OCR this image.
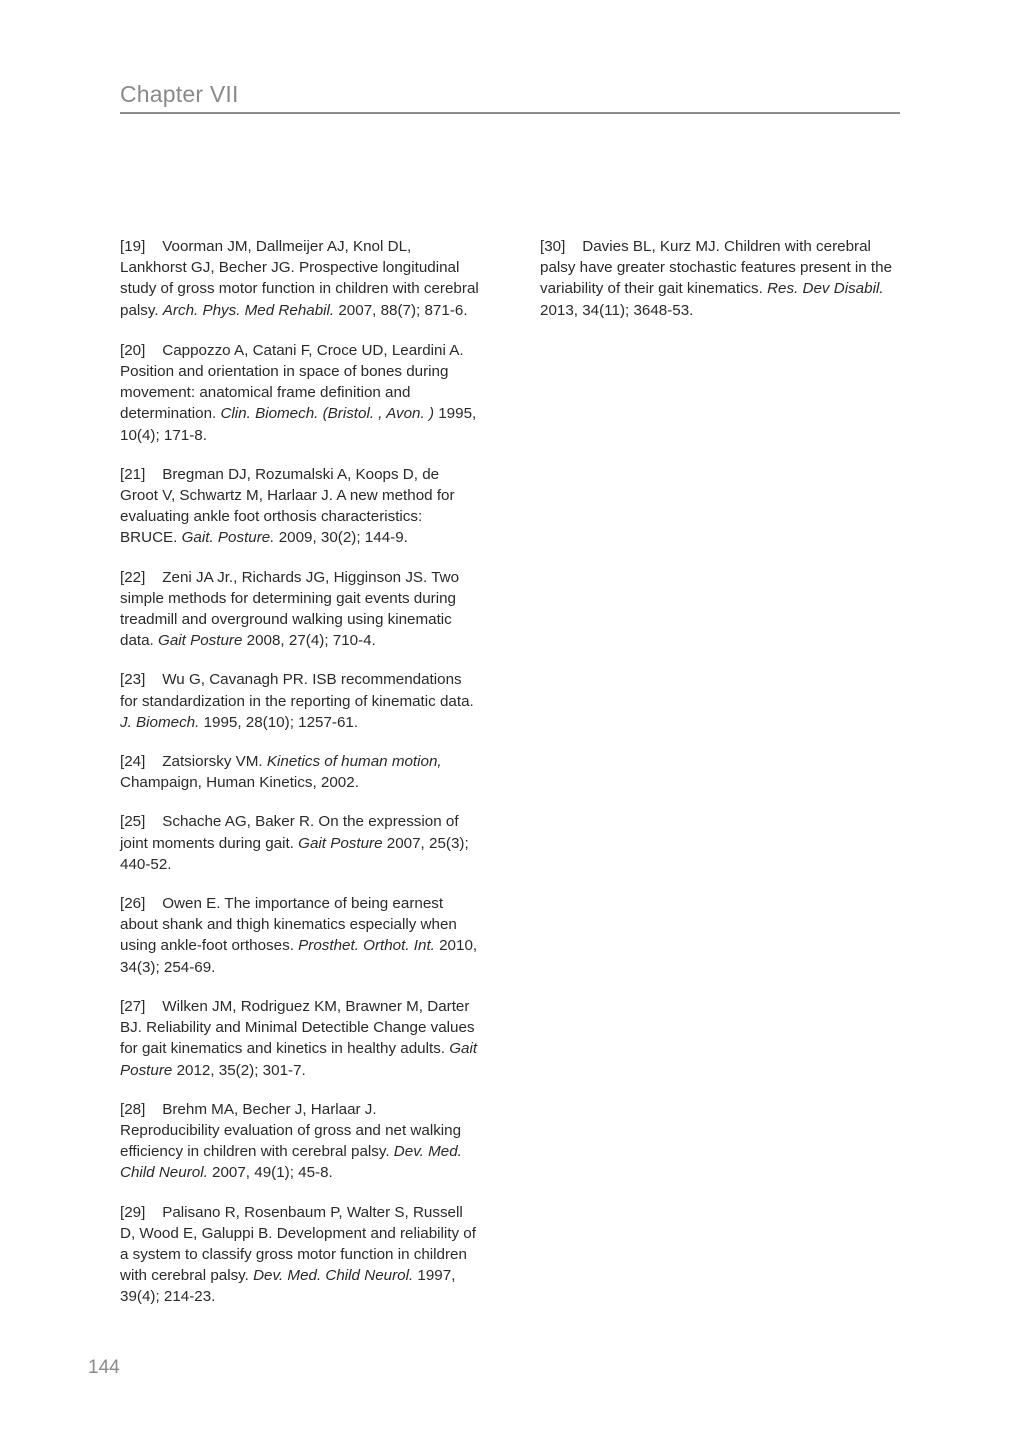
Chapter VII

[19] Voorman JM, Dallmeijer AJ, Knol DL, Lankhorst GJ, Becher JG. Prospective longitudinal study of gross motor function in children with cerebral palsy. Arch. Phys. Med Rehabil. 2007, 88(7); 871-6.

[20] Cappozzo A, Catani F, Croce UD, Leardini A. Position and orientation in space of bones during movement: anatomical frame definition and determination. Clin. Biomech. (Bristol. , Avon. ) 1995, 10(4); 171-8.

[21] Bregman DJ, Rozumalski A, Koops D, de Groot V, Schwartz M, Harlaar J. A new method for evaluating ankle foot orthosis characteristics: BRUCE. Gait. Posture. 2009, 30(2); 144-9.

[22] Zeni JA Jr., Richards JG, Higginson JS. Two simple methods for determining gait events during treadmill and overground walking using kinematic data. Gait Posture 2008, 27(4); 710-4.

[23] Wu G, Cavanagh PR. ISB recommendations for standardization in the reporting of kinematic data. J. Biomech. 1995, 28(10); 1257-61.

[24] Zatsiorsky VM. Kinetics of human motion, Champaign, Human Kinetics, 2002.

[25] Schache AG, Baker R. On the expression of joint moments during gait. Gait Posture 2007, 25(3); 440-52.

[26] Owen E. The importance of being earnest about shank and thigh kinematics especially when using ankle-foot orthoses. Prosthet. Orthot. Int. 2010, 34(3); 254-69.

[27] Wilken JM, Rodriguez KM, Brawner M, Darter BJ. Reliability and Minimal Detectible Change values for gait kinematics and kinetics in healthy adults. Gait Posture 2012, 35(2); 301-7.

[28] Brehm MA, Becher J, Harlaar J. Reproducibility evaluation of gross and net walking efficiency in children with cerebral palsy. Dev. Med. Child Neurol. 2007, 49(1); 45-8.

[29] Palisano R, Rosenbaum P, Walter S, Russell D, Wood E, Galuppi B. Development and reliability of a system to classify gross motor function in children with cerebral palsy. Dev. Med. Child Neurol. 1997, 39(4); 214-23.

[30] Davies BL, Kurz MJ. Children with cerebral palsy have greater stochastic features present in the variability of their gait kinematics. Res. Dev Disabil. 2013, 34(11); 3648-53.

144
